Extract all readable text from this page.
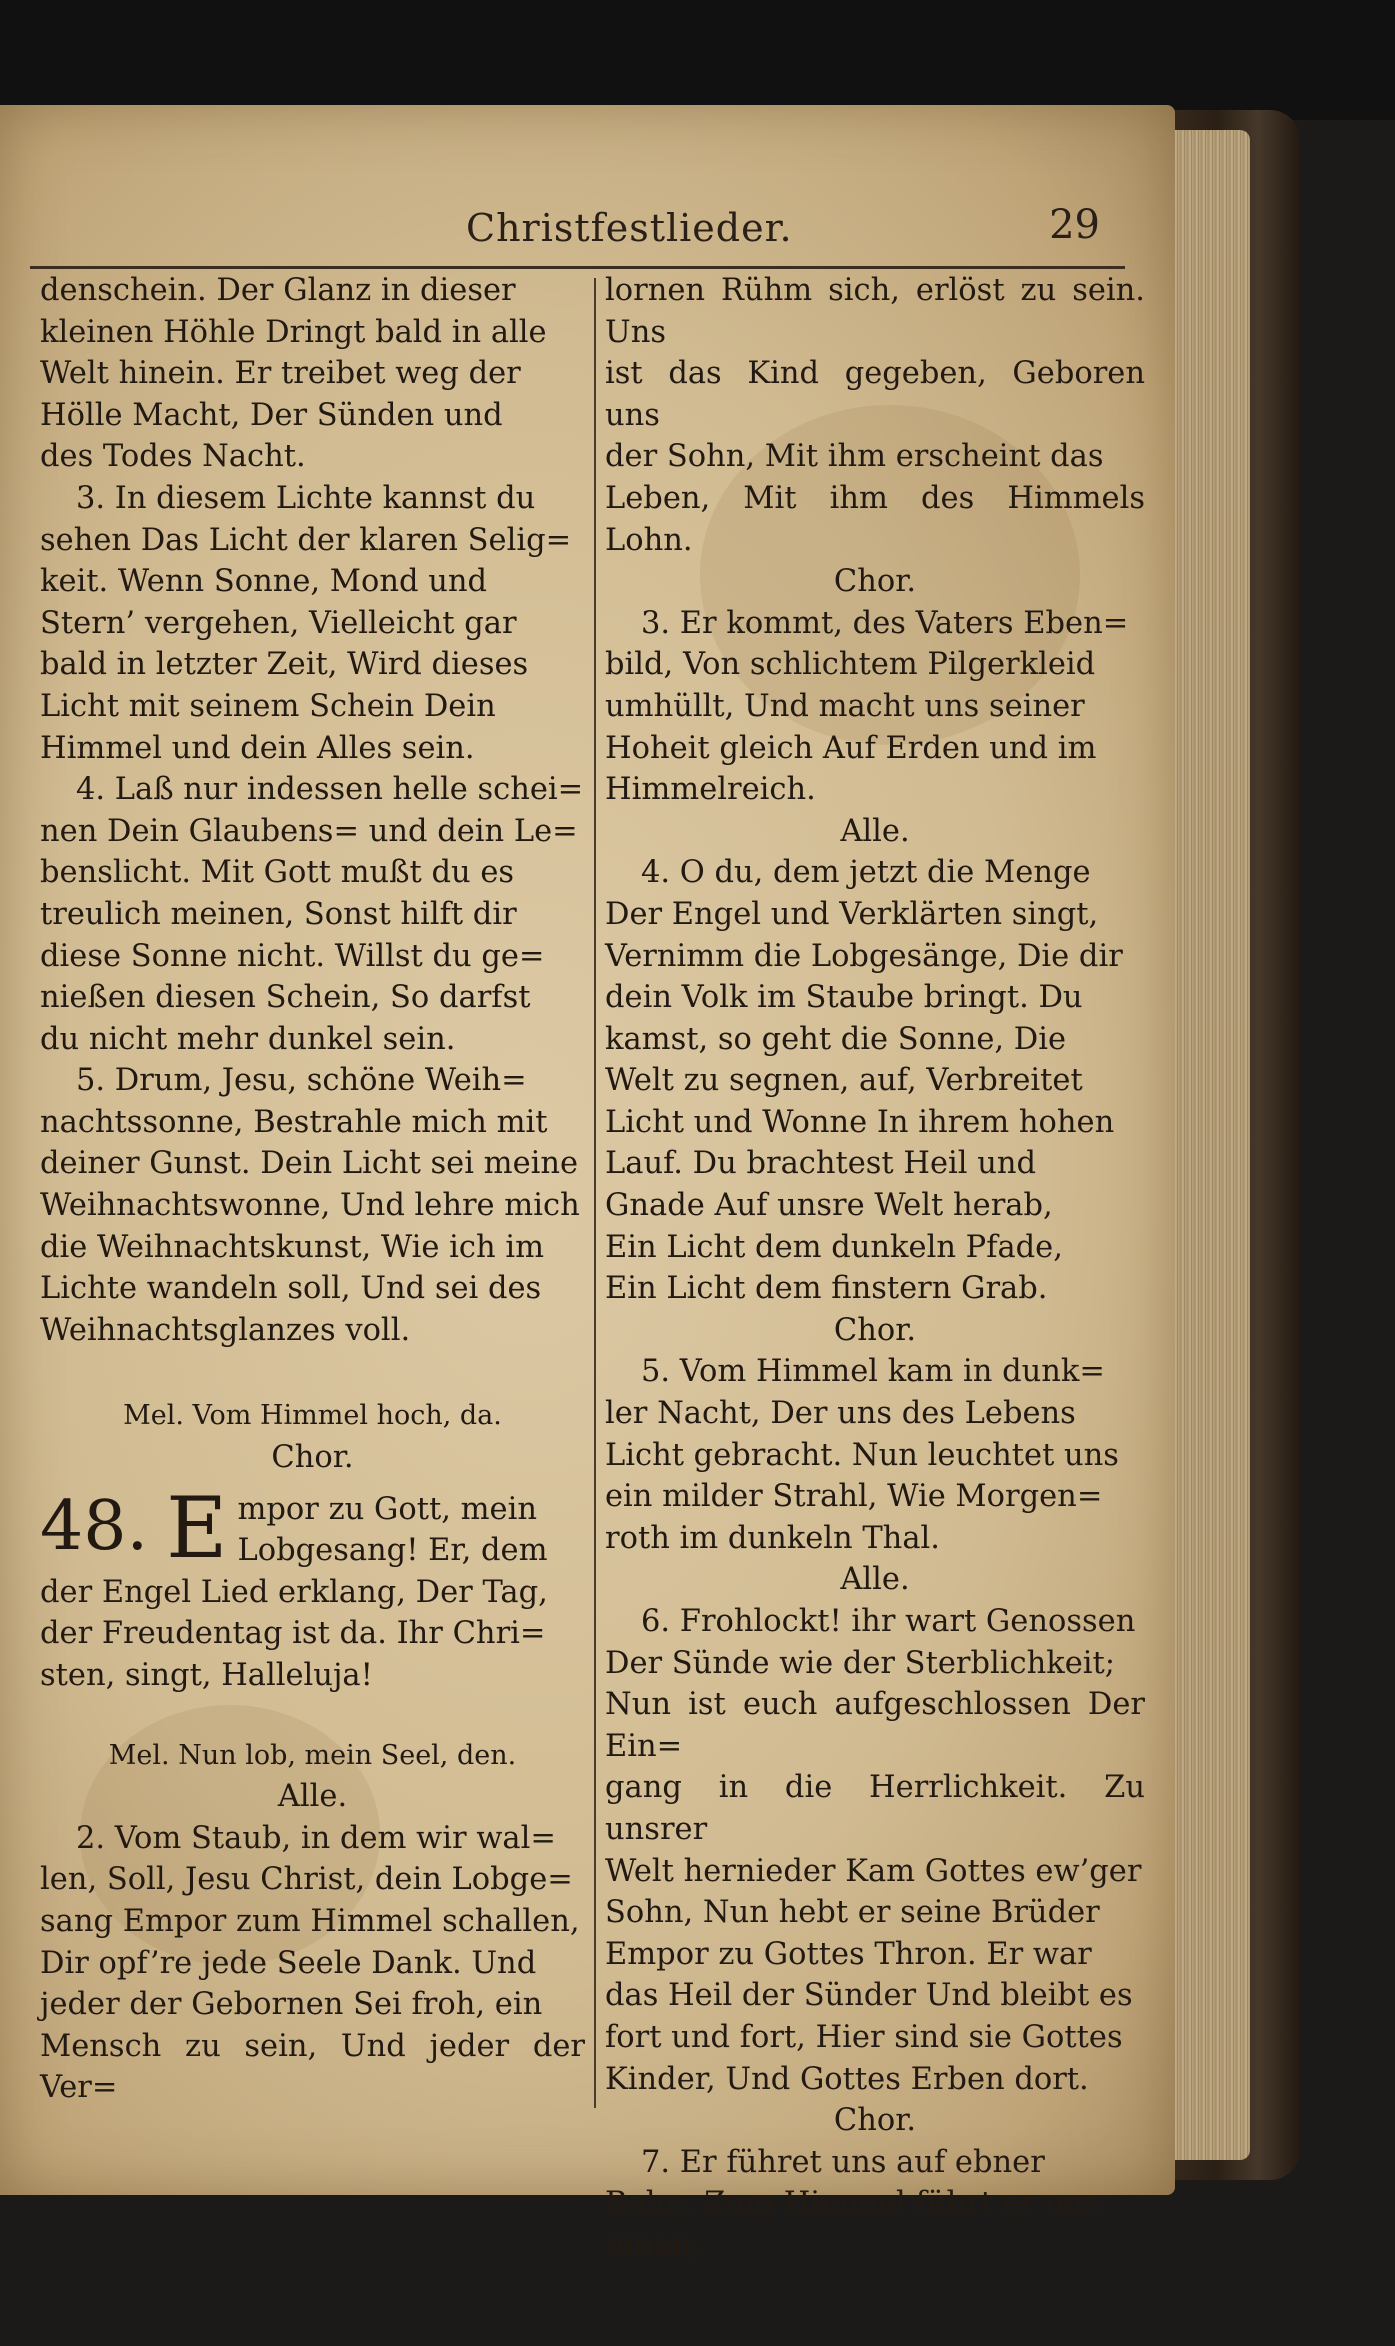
Christfestlieder.	29

denschein. Der Glanz in dieser

kleinen Höhle Dringt bald in alle

Welt hinein. Er treibet weg der

Hölle Macht, Der Sünden und

des Todes Nacht.

3. In diesem Lichte kannst du

sehen Das Licht der klaren Selig=

keit. Wenn Sonne, Mond und

Stern’ vergehen, Vielleicht gar

bald in letzter Zeit, Wird dieses

Licht mit seinem Schein Dein

Himmel und dein Alles sein.

4. Laß nur indessen helle schei=

nen Dein Glaubens= und dein Le=

benslicht. Mit Gott mußt du es

treulich meinen, Sonst hilft dir

diese Sonne nicht. Willst du ge=

nießen diesen Schein, So darfst

du nicht mehr dunkel sein.

5. Drum, Jesu, schöne Weih=

nachtssonne, Bestrahle mich mit

deiner Gunst. Dein Licht sei meine

Weihnachtswonne, Und lehre mich

die Weihnachtskunst, Wie ich im

Lichte wandeln soll, Und sei des

Weihnachtsglanzes voll.

Mel. Vom Himmel hoch, da.

Chor.

48. E mpor zu Gott, mein

Lobgesang! Er, dem

der Engel Lied erklang, Der Tag,

der Freudentag ist da. Ihr Chri=

sten, singt, Halleluja!

Mel. Nun lob, mein Seel, den.

Alle.

2. Vom Staub, in dem wir wal=

len, Soll, Jesu Christ, dein Lobge=

sang Empor zum Himmel schallen,

Dir opf’re jede Seele Dank. Und

jeder der Gebornen Sei froh, ein

Mensch zu sein, Und jeder der Ver=

lornen Rühm sich, erlöst zu sein. Uns

ist das Kind gegeben, Geboren uns

der Sohn, Mit ihm erscheint das

Leben, Mit ihm des Himmels Lohn.

Chor.

3. Er kommt, des Vaters Eben=

bild, Von schlichtem Pilgerkleid

umhüllt, Und macht uns seiner

Hoheit gleich Auf Erden und im

Himmelreich.

Alle.

4. O du, dem jetzt die Menge

Der Engel und Verklärten singt,

Vernimm die Lobgesänge, Die dir

dein Volk im Staube bringt. Du

kamst, so geht die Sonne, Die

Welt zu segnen, auf, Verbreitet

Licht und Wonne In ihrem hohen

Lauf. Du brachtest Heil und

Gnade Auf unsre Welt herab,

Ein Licht dem dunkeln Pfade,

Ein Licht dem finstern Grab.

Chor.

5. Vom Himmel kam in dunk=

ler Nacht, Der uns des Lebens

Licht gebracht. Nun leuchtet uns

ein milder Strahl, Wie Morgen=

roth im dunkeln Thal.

Alle.

6. Frohlockt! ihr wart Genossen

Der Sünde wie der Sterblichkeit;

Nun ist euch aufgeschlossen Der Ein=

gang in die Herrlichkeit. Zu unsrer

Welt hernieder Kam Gottes ew’ger

Sohn, Nun hebt er seine Brüder

Empor zu Gottes Thron. Er war

das Heil der Sünder Und bleibt es

fort und fort, Hier sind sie Gottes

Kinder, Und Gottes Erben dort.

Chor.

7. Er führet uns auf ebner

Bahn, Zum Himmel führt er uns

hinan,
